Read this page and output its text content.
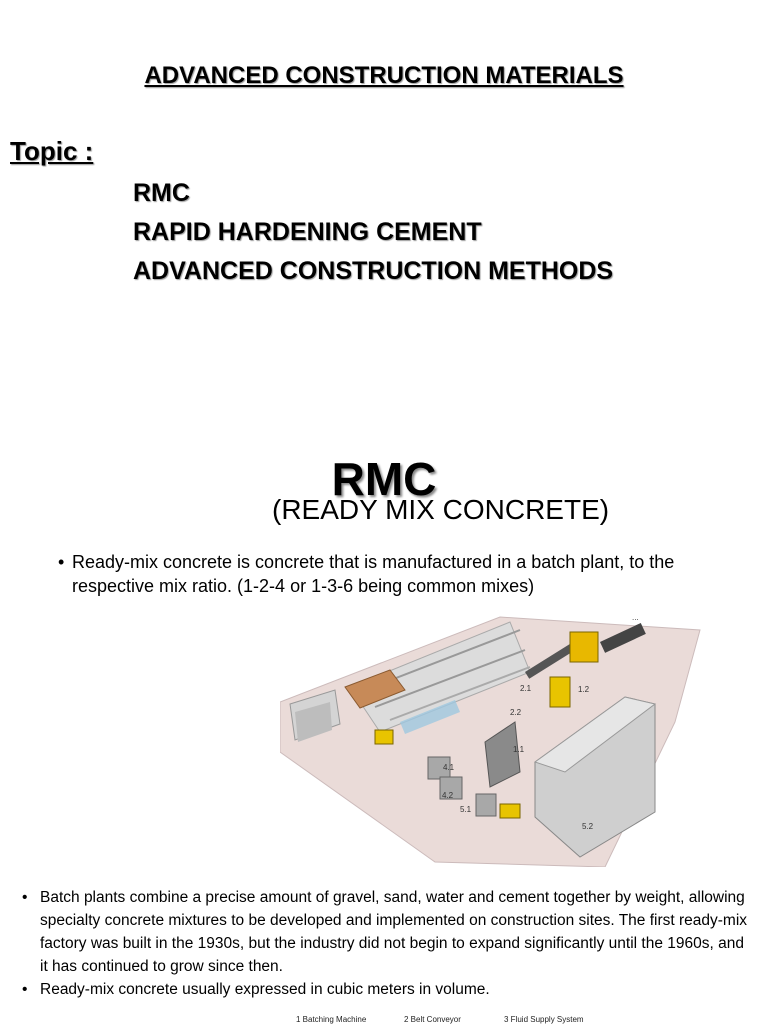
ADVANCED CONSTRUCTION MATERIALS
Topic :
RMC
RAPID HARDENING CEMENT
ADVANCED CONSTRUCTION METHODS
RMC
(READY MIX CONCRETE)
• Ready-mix concrete is concrete that is manufactured in a batch plant, to the respective mix ratio. (1-2-4 or 1-3-6 being common mixes)
2.1	1.2
2.2
1.1
4.1
4.2
5.1
5.2
...
• Batch plants combine a precise amount of gravel, sand, water and cement together by weight, allowing specialty concrete mixtures to be developed and implemented on construction sites. The first ready-mix factory was built in the 1930s, but the industry did not begin to expand significantly until the 1960s, and it has continued to grow since then.
• Ready-mix concrete usually expressed in cubic meters in volume.
1 Batching Machine	2 Belt Conveyor	3 Fluid Supply System
